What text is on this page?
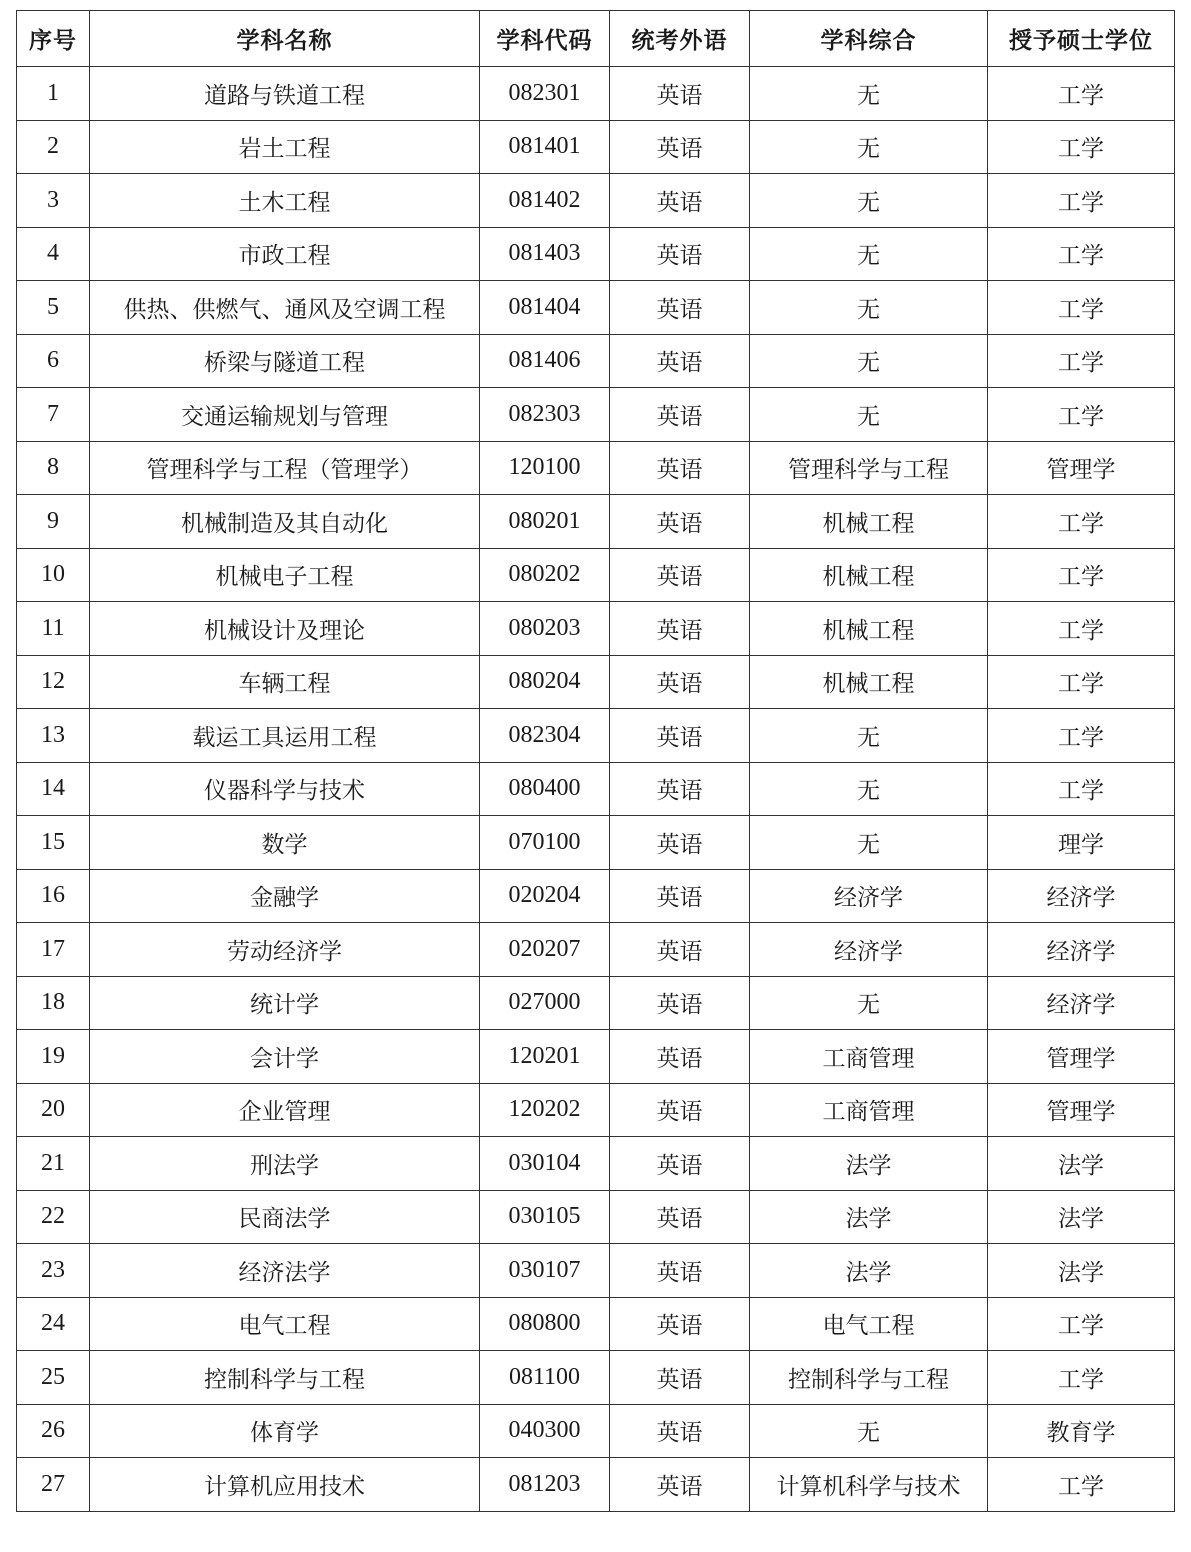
序号	学科名称	学科代码	统考外语	学科综合	授予硕士学位
1	道路与铁道工程	082301	英语	无	工学
2	岩土工程	081401	英语	无	工学
3	土木工程	081402	英语	无	工学
4	市政工程	081403	英语	无	工学
5	供热、供燃气、通风及空调工程	081404	英语	无	工学
6	桥梁与隧道工程	081406	英语	无	工学
7	交通运输规划与管理	082303	英语	无	工学
8	管理科学与工程（管理学）	120100	英语	管理科学与工程	管理学
9	机械制造及其自动化	080201	英语	机械工程	工学
10	机械电子工程	080202	英语	机械工程	工学
11	机械设计及理论	080203	英语	机械工程	工学
12	车辆工程	080204	英语	机械工程	工学
13	载运工具运用工程	082304	英语	无	工学
14	仪器科学与技术	080400	英语	无	工学
15	数学	070100	英语	无	理学
16	金融学	020204	英语	经济学	经济学
17	劳动经济学	020207	英语	经济学	经济学
18	统计学	027000	英语	无	经济学
19	会计学	120201	英语	工商管理	管理学
20	企业管理	120202	英语	工商管理	管理学
21	刑法学	030104	英语	法学	法学
22	民商法学	030105	英语	法学	法学
23	经济法学	030107	英语	法学	法学
24	电气工程	080800	英语	电气工程	工学
25	控制科学与工程	081100	英语	控制科学与工程	工学
26	体育学	040300	英语	无	教育学
27	计算机应用技术	081203	英语	计算机科学与技术	工学
